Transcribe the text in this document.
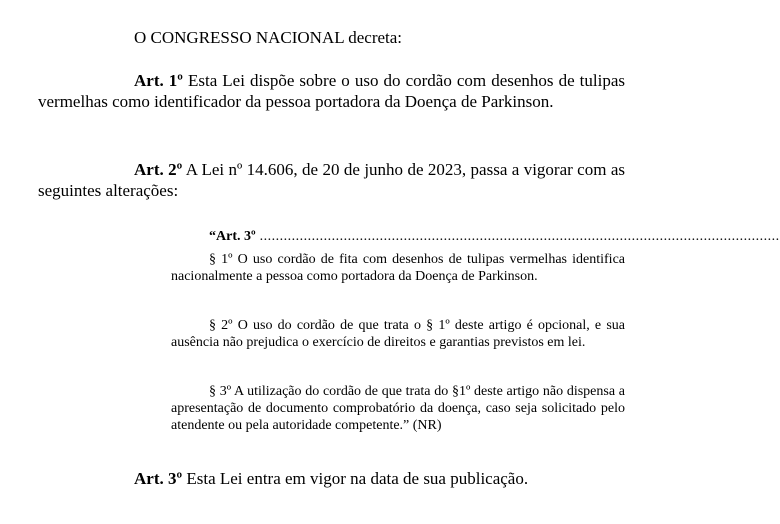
O CONGRESSO NACIONAL decreta:

Art. 1º Esta Lei dispõe sobre o uso do cordão com desenhos de tulipas vermelhas como identificador da pessoa portadora da Doença de Parkinson.

Art. 2º A Lei nº 14.606, de 20 de junho de 2023, passa a vigorar com as seguintes alterações:

“Art. 3º ..................................................................................................................................

§ 1º O uso cordão de fita com desenhos de tulipas vermelhas identifica nacionalmente a pessoa como portadora da Doença de Parkinson.

§ 2º O uso do cordão de que trata o § 1º deste artigo é opcional, e sua ausência não prejudica o exercício de direitos e garantias previstos em lei.

§ 3º A utilização do cordão de que trata do §1º deste artigo não dispensa a apresentação de documento comprobatório da doença, caso seja solicitado pelo atendente ou pela autoridade competente.” (NR)

Art. 3º Esta Lei entra em vigor na data de sua publicação.
